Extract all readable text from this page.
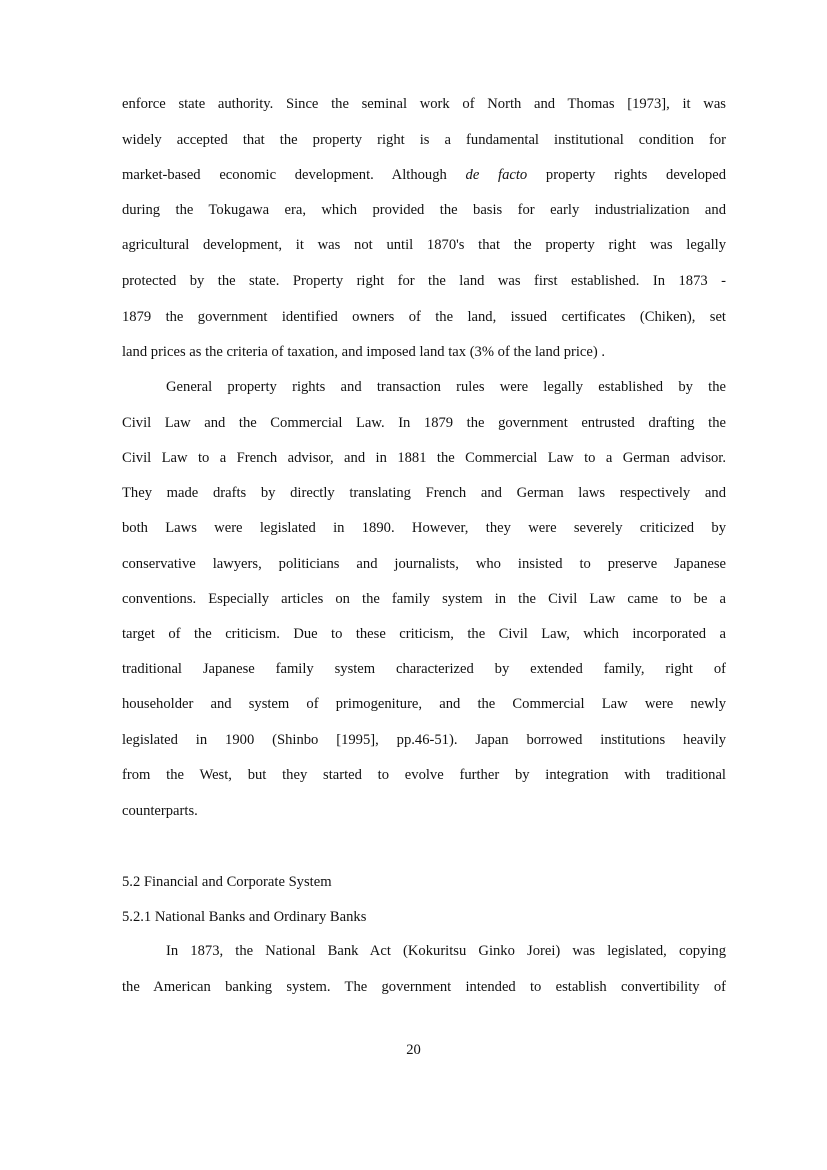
enforce state authority. Since the seminal work of North and Thomas [1973], it was
widely accepted that the property right is a fundamental institutional condition for
market-based economic development. Although de facto property rights developed
during the Tokugawa era, which provided the basis for early industrialization and
agricultural development, it was not until 1870's that the property right was legally
protected by the state. Property right for the land was first established. In 1873 -
1879 the government identified owners of the land, issued certificates (Chiken), set
land prices as the criteria of taxation, and imposed land tax (3% of the land price) .
General property rights and transaction rules were legally established by the
Civil Law and the Commercial Law. In 1879 the government entrusted drafting the
Civil Law to a French advisor, and in 1881 the Commercial Law to a German advisor.
They made drafts by directly translating French and German laws respectively and
both Laws were legislated in 1890. However, they were severely criticized by
conservative lawyers, politicians and journalists, who insisted to preserve Japanese
conventions. Especially articles on the family system in the Civil Law came to be a
target of the criticism. Due to these criticism, the Civil Law, which incorporated a
traditional Japanese family system characterized by extended family, right of
householder and system of primogeniture, and the Commercial Law were newly
legislated in 1900 (Shinbo [1995], pp.46-51). Japan borrowed institutions heavily
from the West, but they started to evolve further by integration with traditional
counterparts.
5.2 Financial and Corporate System
5.2.1 National Banks and Ordinary Banks
In 1873, the National Bank Act (Kokuritsu Ginko Jorei) was legislated, copying
the American banking system. The government intended to establish convertibility of
20
